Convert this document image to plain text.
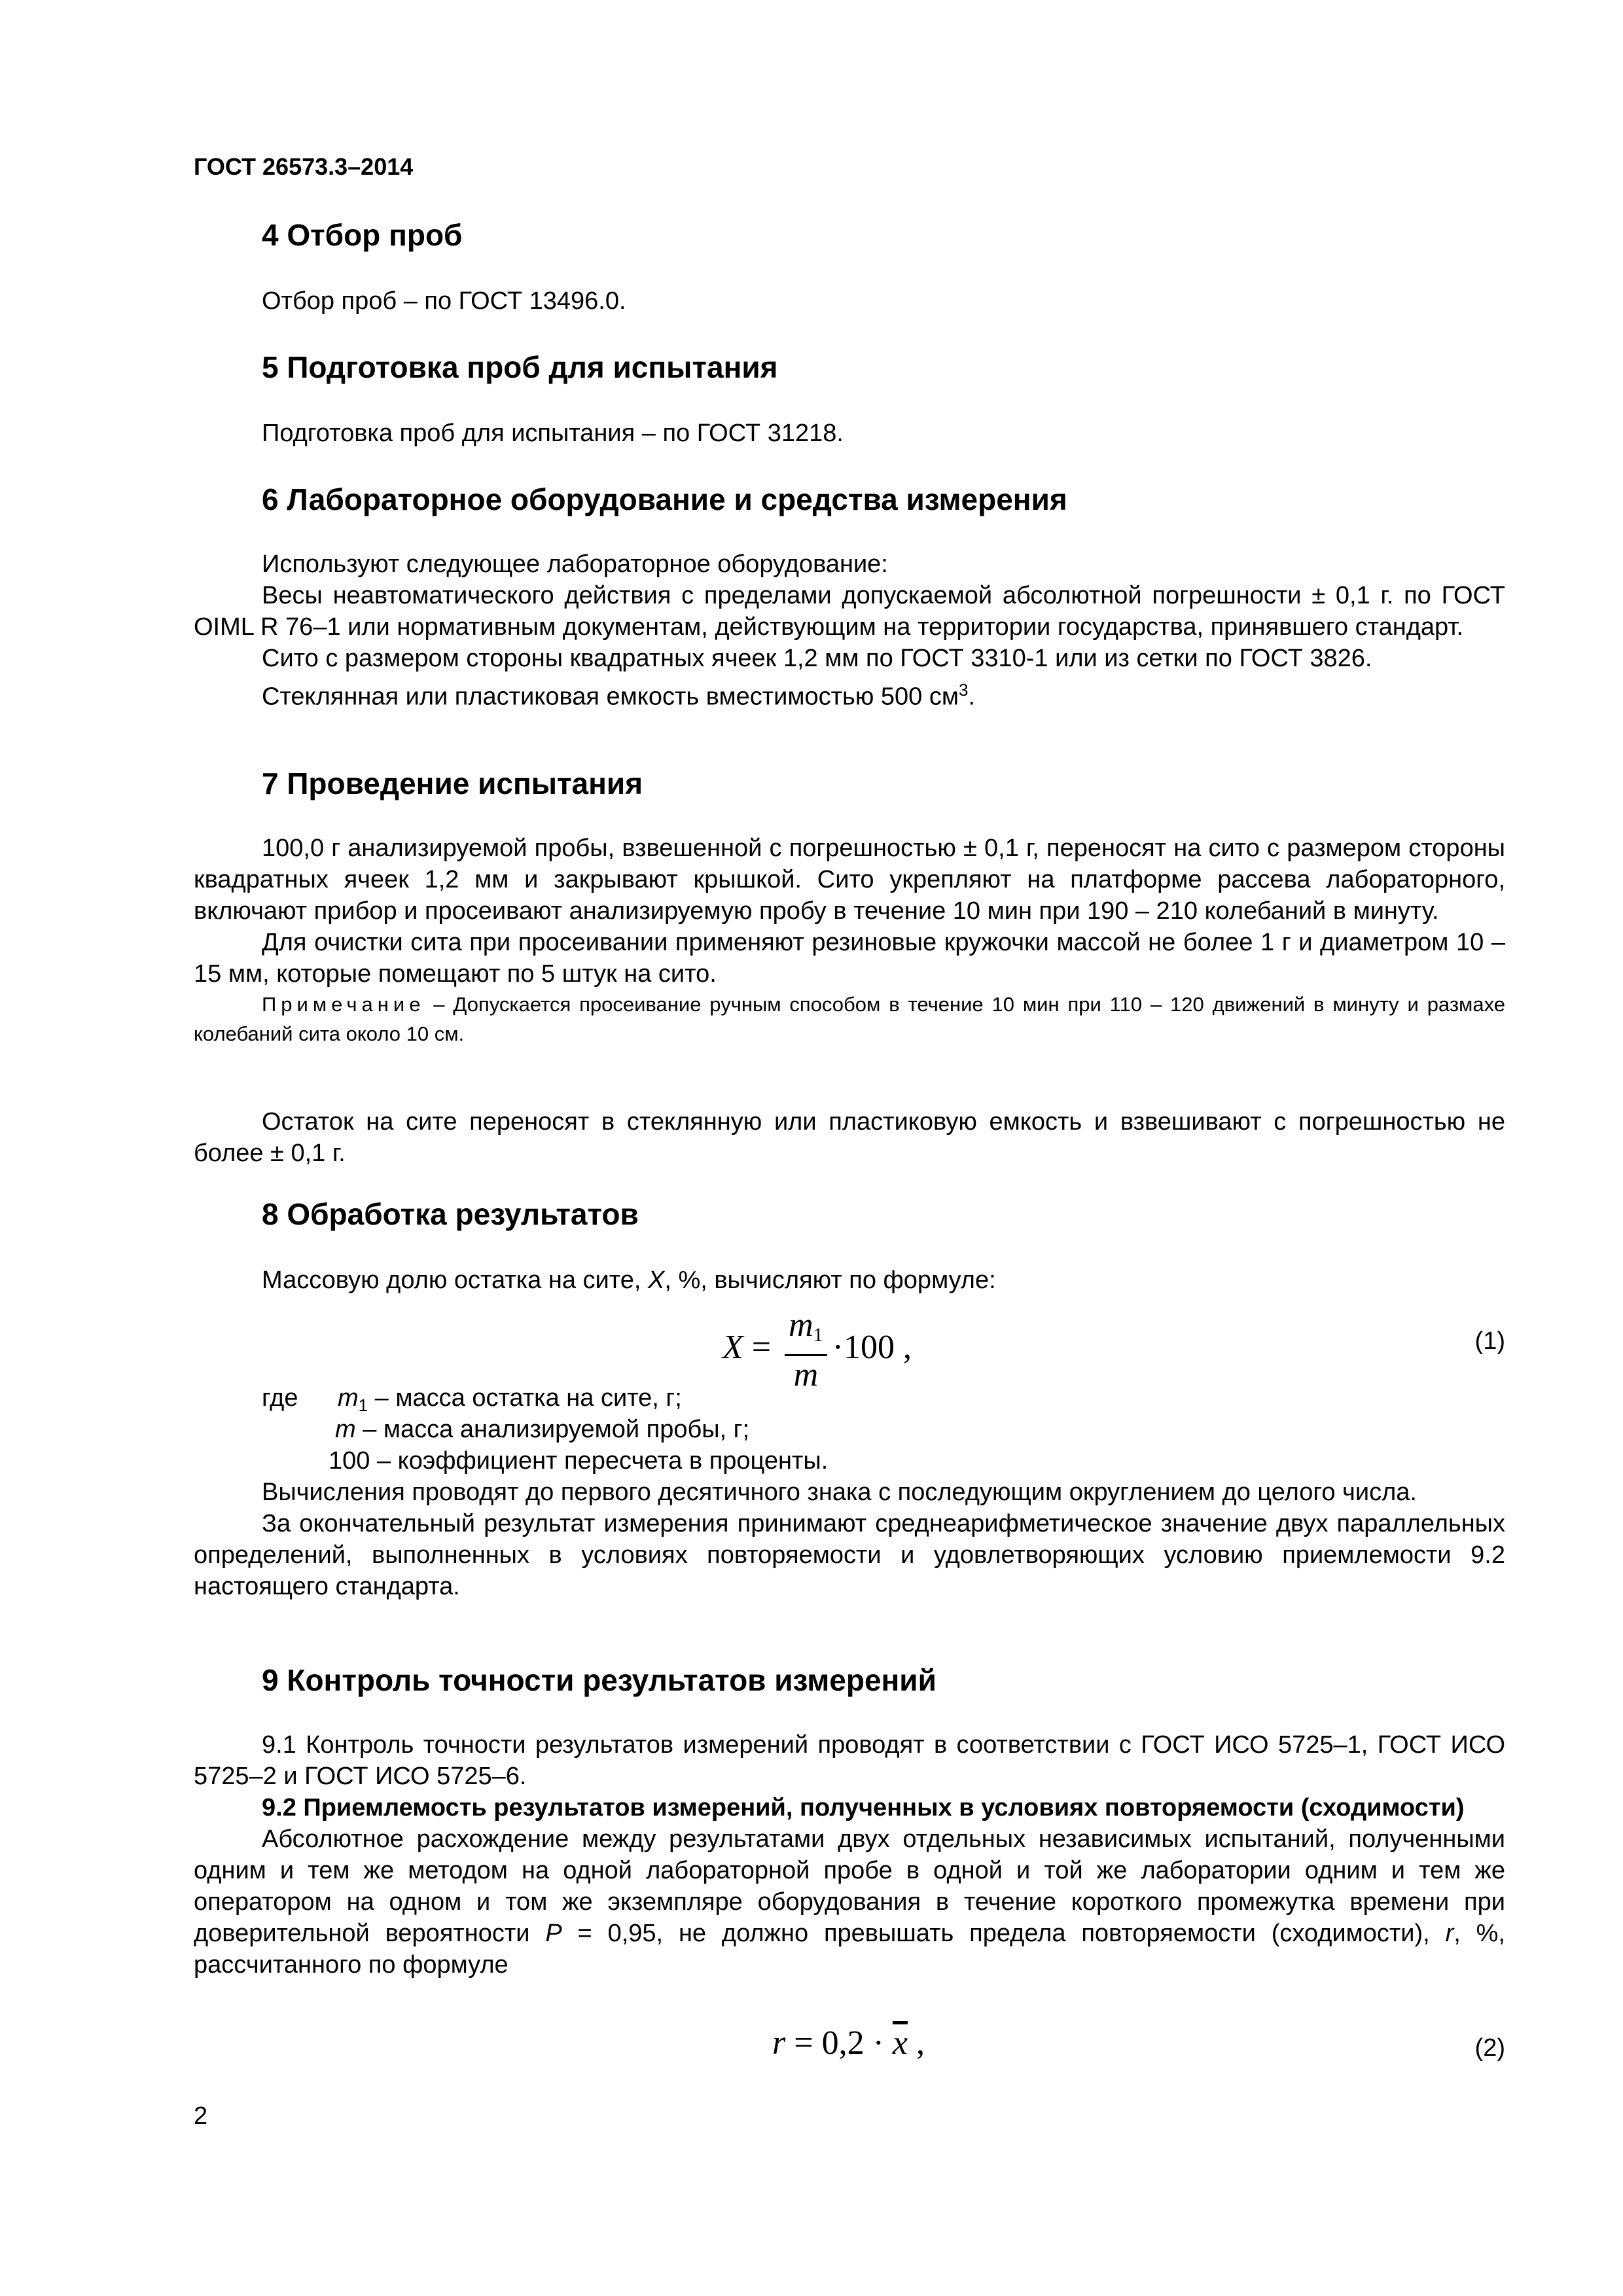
ГОСТ 26573.3–2014
4 Отбор проб

Отбор проб – по ГОСТ 13496.0.

5 Подготовка проб для испытания

Подготовка проб для испытания – по ГОСТ 31218.

6 Лабораторное оборудование и средства измерения

Используют следующее лабораторное оборудование:

Весы неавтоматического действия с пределами допускаемой абсолютной погрешности ± 0,1 г. по ГОСТ OIML R 76–1 или нормативным документам, действующим на территории государства, принявшего стандарт.

Сито с размером стороны квадратных ячеек 1,2 мм по ГОСТ 3310-1 или из сетки по ГОСТ 3826.

Стеклянная или пластиковая емкость вместимостью 500 $см^3$.

7 Проведение испытания

100,0 г анализируемой пробы, взвешенной с погрешностью ± 0,1 г, переносят на сито с размером стороны квадратных ячеек 1,2 мм и закрывают крышкой. Сито укрепляют на платформе рассева лабораторного, включают прибор и просеивают анализируемую пробу в течение 10 мин при 190 – 210 колебаний в минуту.

Для очистки сита при просеивании применяют резиновые кружочки массой не более 1 г и диаметром 10 – 15 мм, которые помещают по 5 штук на сито.

Примечание – Допускается просеивание ручным способом в течение 10 мин при 110 – 120 движений в минуту и размахе колебаний сита около 10 см.

Остаток на сите переносят в стеклянную или пластиковую емкость и взвешивают с погрешностью не более ± 0,1 г.

8 Обработка результатов

Массовую долю остатка на сите, X, %, вычисляют по формуле:

$X = \frac{m_1}{m} \cdot 100$ ,	(1)
где $m_1$ – масса остатка на сите, г;
m – масса анализируемой пробы, г;
100 – коэффициент пересчета в проценты.

Вычисления проводят до первого десятичного знака с последующим округлением до целого числа.

За окончательный результат измерения принимают среднеарифметическое значение двух параллельных определений, выполненных в условиях повторяемости и удовлетворяющих условию приемлемости 9.2 настоящего стандарта.

9 Контроль точности результатов измерений

9.1 Контроль точности результатов измерений проводят в соответствии с ГОСТ ИСО 5725–1, ГОСТ ИСО 5725–2 и ГОСТ ИСО 5725–6.

9.2 Приемлемость результатов измерений, полученных в условиях повторяемости (сходимости)

Абсолютное расхождение между результатами двух отдельных независимых испытаний, полученными одним и тем же методом на одной лабораторной пробе в одной и той же лаборатории одним и тем же оператором на одном и том же экземпляре оборудования в течение короткого промежутка времени при доверительной вероятности P = 0,95, не должно превышать предела повторяемости (сходимости), r, %, рассчитанного по формуле

$r = 0,2 \cdot \overline{x}$ ,	(2)
2
